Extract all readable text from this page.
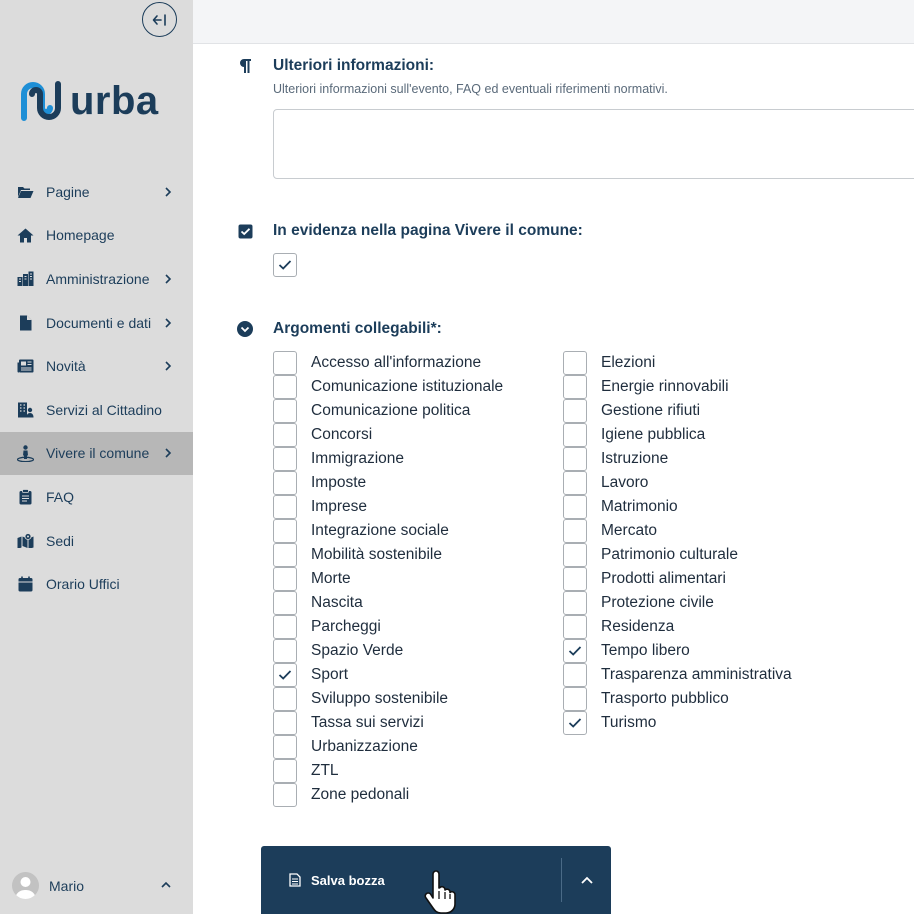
urba
Pagine
Homepage
Amministrazione
Documenti e dati
Novità
Servizi al Cittadino
Vivere il comune
FAQ
Sedi
Orario Uffici
Mario
Ulteriori informazioni:
Ulteriori informazioni sull'evento, FAQ ed eventuali riferimenti normativi.
In evidenza nella pagina Vivere il comune:
Argomenti collegabili*:
Accesso all'informazione
Comunicazione istituzionale
Comunicazione politica
Concorsi
Immigrazione
Imposte
Imprese
Integrazione sociale
Mobilità sostenibile
Morte
Nascita
Parcheggi
Spazio Verde
Sport
Sviluppo sostenibile
Tassa sui servizi
Urbanizzazione
ZTL
Zone pedonali
Elezioni
Energie rinnovabili
Gestione rifiuti
Igiene pubblica
Istruzione
Lavoro
Matrimonio
Mercato
Patrimonio culturale
Prodotti alimentari
Protezione civile
Residenza
Tempo libero
Trasparenza amministrativa
Trasporto pubblico
Turismo
Salva bozza
